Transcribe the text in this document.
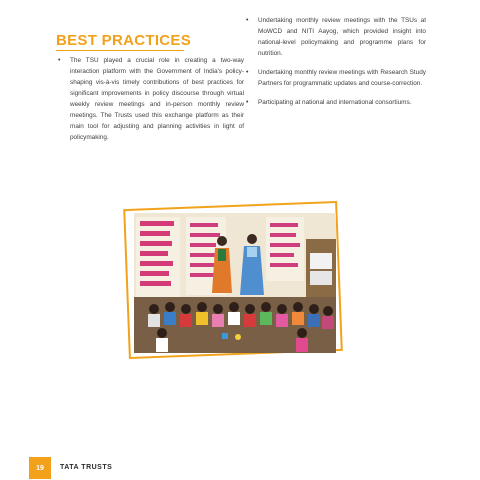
BEST PRACTICES
• The TSU played a crucial role in creating a two-way interaction platform with the Government of India's policy-shaping vis-à-vis timely contributions of best practices for significant improvements in policy discourse through virtual weekly review meetings and in-person monthly review meetings. The Trusts used this exchange platform as their main tool for adjusting and planning activities in light of policymaking.
• Undertaking monthly review meetings with the TSUs at MoWCD and NITI Aayog, which provided insight into national-level policymaking and programme plans for nutrition.
• Undertaking monthly review meetings with Research Study Partners for programmatic updates and course-correction.
• Participating at national and international consortiums.
19	TATA TRUSTS
